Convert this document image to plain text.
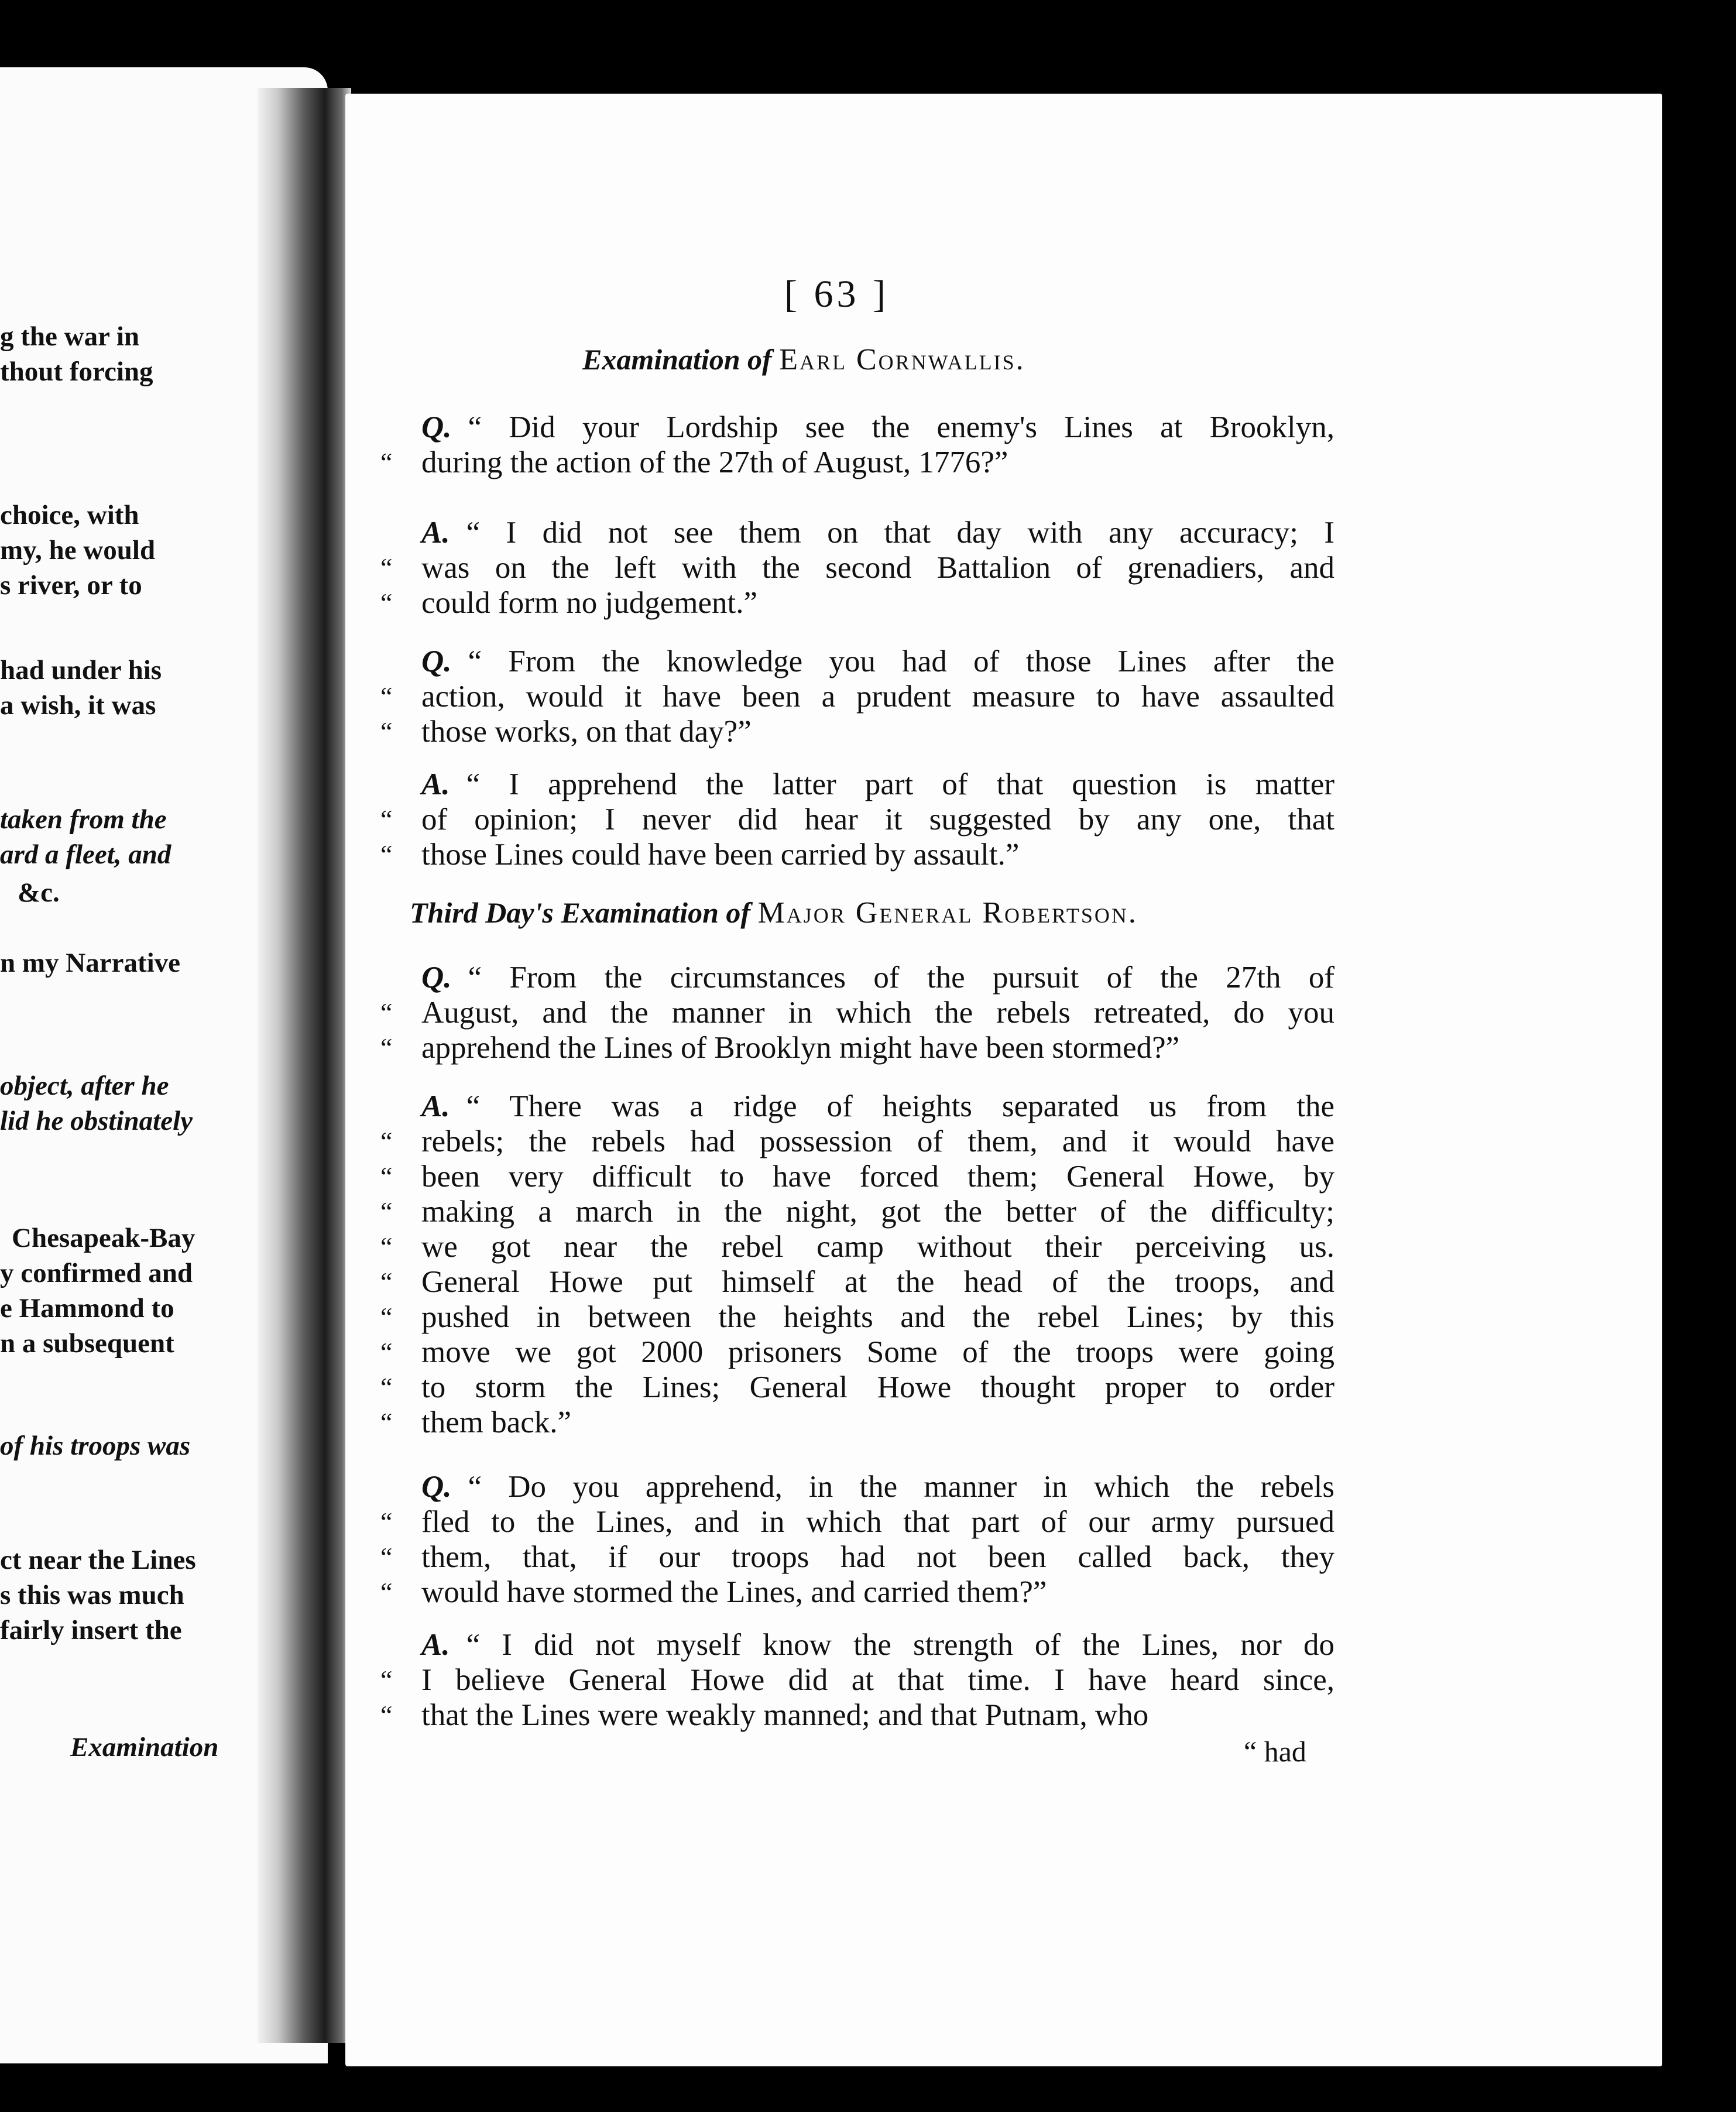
g the war in
thout forcing
choice, with
my, he would
s river, or to
had under his
a wish, it was
taken from the
ard a fleet, and
&c.
n my Narrative
object, after he
lid he obstinately
Chesapeak-Bay
y confirmed and
e Hammond to
n a subsequent
of his troops was
ct near the Lines
s this was much
fairly insert the
Examination
[ 63 ]
Examination of Earl Cornwallis.
Third Day's Examination of Major General Robertson.
Q. “ Did your Lordship see the enemy's Lines at Brooklyn,
“ during the action of the 27th of August, 1776?”
A. “ I did not see them on that day with any accuracy; I
“ was on the left with the second Battalion of grenadiers, and
“ could form no judgement.”
Q. “ From the knowledge you had of those Lines after the
“ action, would it have been a prudent measure to have assaulted
“ those works, on that day?”
A. “ I apprehend the latter part of that question is matter
“ of opinion; I never did hear it suggested by any one, that
“ those Lines could have been carried by assault.”
Q. “ From the circumstances of the pursuit of the 27th of
“ August, and the manner in which the rebels retreated, do you
“ apprehend the Lines of Brooklyn might have been stormed?”
A. “ There was a ridge of heights separated us from the
“ rebels; the rebels had possession of them, and it would have
“ been very difficult to have forced them; General Howe, by
“ making a march in the night, got the better of the difficulty;
“ we got near the rebel camp without their perceiving us.
“ General Howe put himself at the head of the troops, and
“ pushed in between the heights and the rebel Lines; by this
“ move we got 2000 prisoners Some of the troops were going
“ to storm the Lines; General Howe thought proper to order
“ them back.”
Q. “ Do you apprehend, in the manner in which the rebels
“ fled to the Lines, and in which that part of our army pursued
“ them, that, if our troops had not been called back, they
“ would have stormed the Lines, and carried them?”
A. “ I did not myself know the strength of the Lines, nor do
“ I believe General Howe did at that time. I have heard since,
“ that the Lines were weakly manned; and that Putnam, who
“ had
